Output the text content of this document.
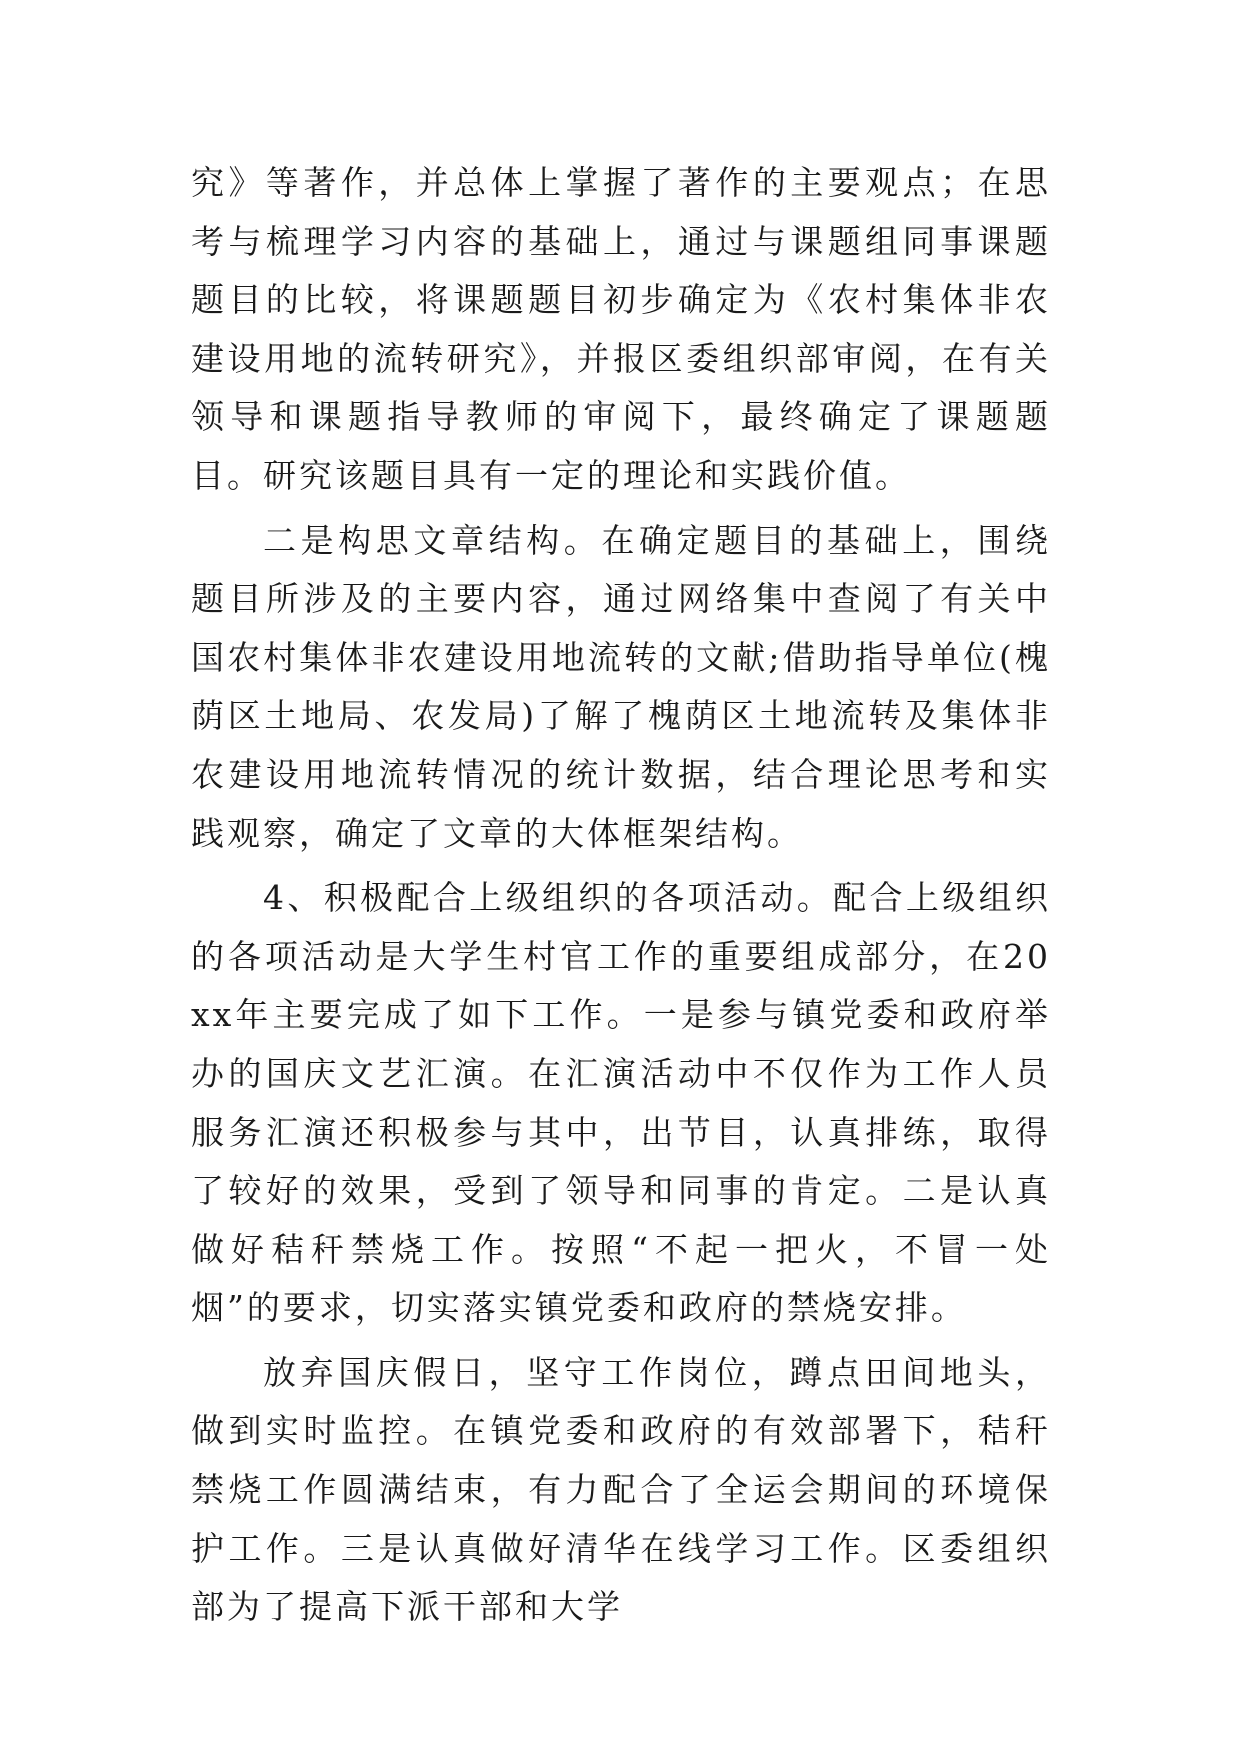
究》等著作，并总体上掌握了著作的主要观点；在思考与梳理学习内容的基础上，通过与课题组同事课题题目的比较，将课题题目初步确定为《农村集体非农建设用地的流转研究》，并报区委组织部审阅，在有关领导和课题指导教师的审阅下，最终确定了课题题目。研究该题目具有一定的理论和实践价值。

二是构思文章结构。在确定题目的基础上，围绕题目所涉及的主要内容，通过网络集中查阅了有关中国农村集体非农建设用地流转的文献;借助指导单位(槐荫区土地局、农发局)了解了槐荫区土地流转及集体非农建设用地流转情况的统计数据，结合理论思考和实践观察，确定了文章的大体框架结构。

4、积极配合上级组织的各项活动。配合上级组织的各项活动是大学生村官工作的重要组成部分，在20xx年主要完成了如下工作。一是参与镇党委和政府举办的国庆文艺汇演。在汇演活动中不仅作为工作人员服务汇演还积极参与其中，出节目，认真排练，取得了较好的效果，受到了领导和同事的肯定。二是认真做好秸秆禁烧工作。按照“不起一把火，不冒一处烟”的要求，切实落实镇党委和政府的禁烧安排。

放弃国庆假日，坚守工作岗位，蹲点田间地头，做到实时监控。在镇党委和政府的有效部署下，秸秆禁烧工作圆满结束，有力配合了全运会期间的环境保护工作。三是认真做好清华在线学习工作。区委组织部为了提高下派干部和大学
